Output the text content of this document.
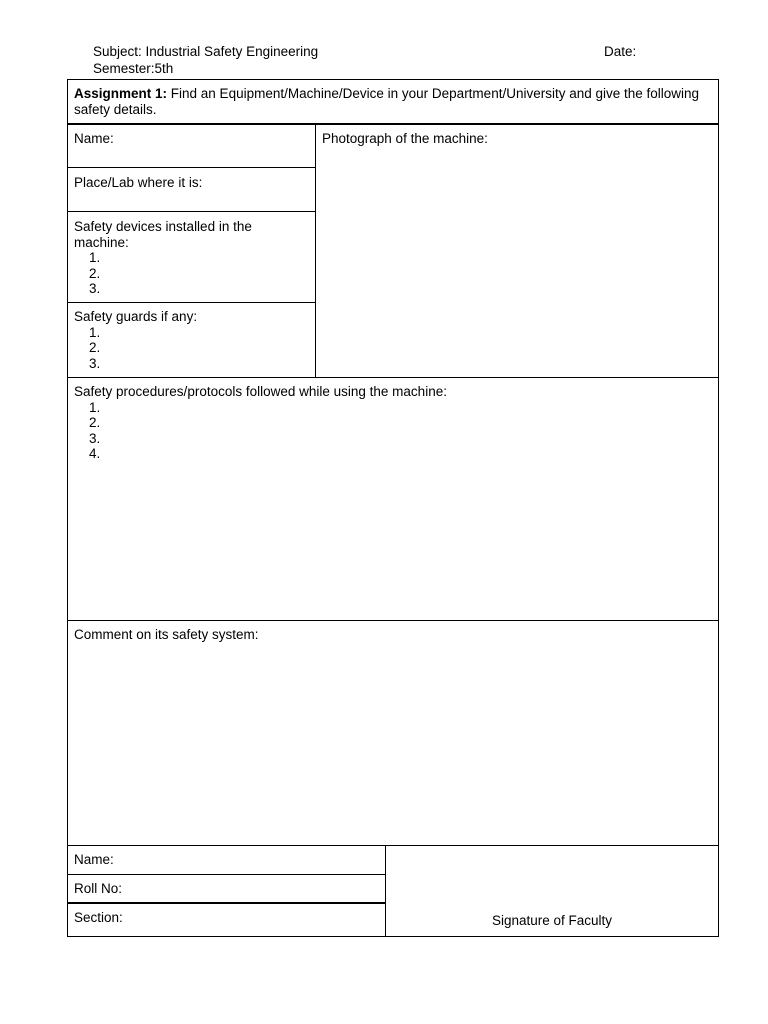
Subject: Industrial Safety Engineering
Semester:5th
Date:
Assignment 1: Find an Equipment/Machine/Device in your Department/University and give the following safety details.
Name:
Place/Lab where it is:
Safety devices installed in the machine:
1.
2.
3.
Safety guards if any:
1.
2.
3.
Photograph of the machine:
Safety procedures/protocols followed while using the machine:
1.
2.
3.
4.
Comment on its safety system:
Name:
Roll No:
Section:	Signature of Faculty
